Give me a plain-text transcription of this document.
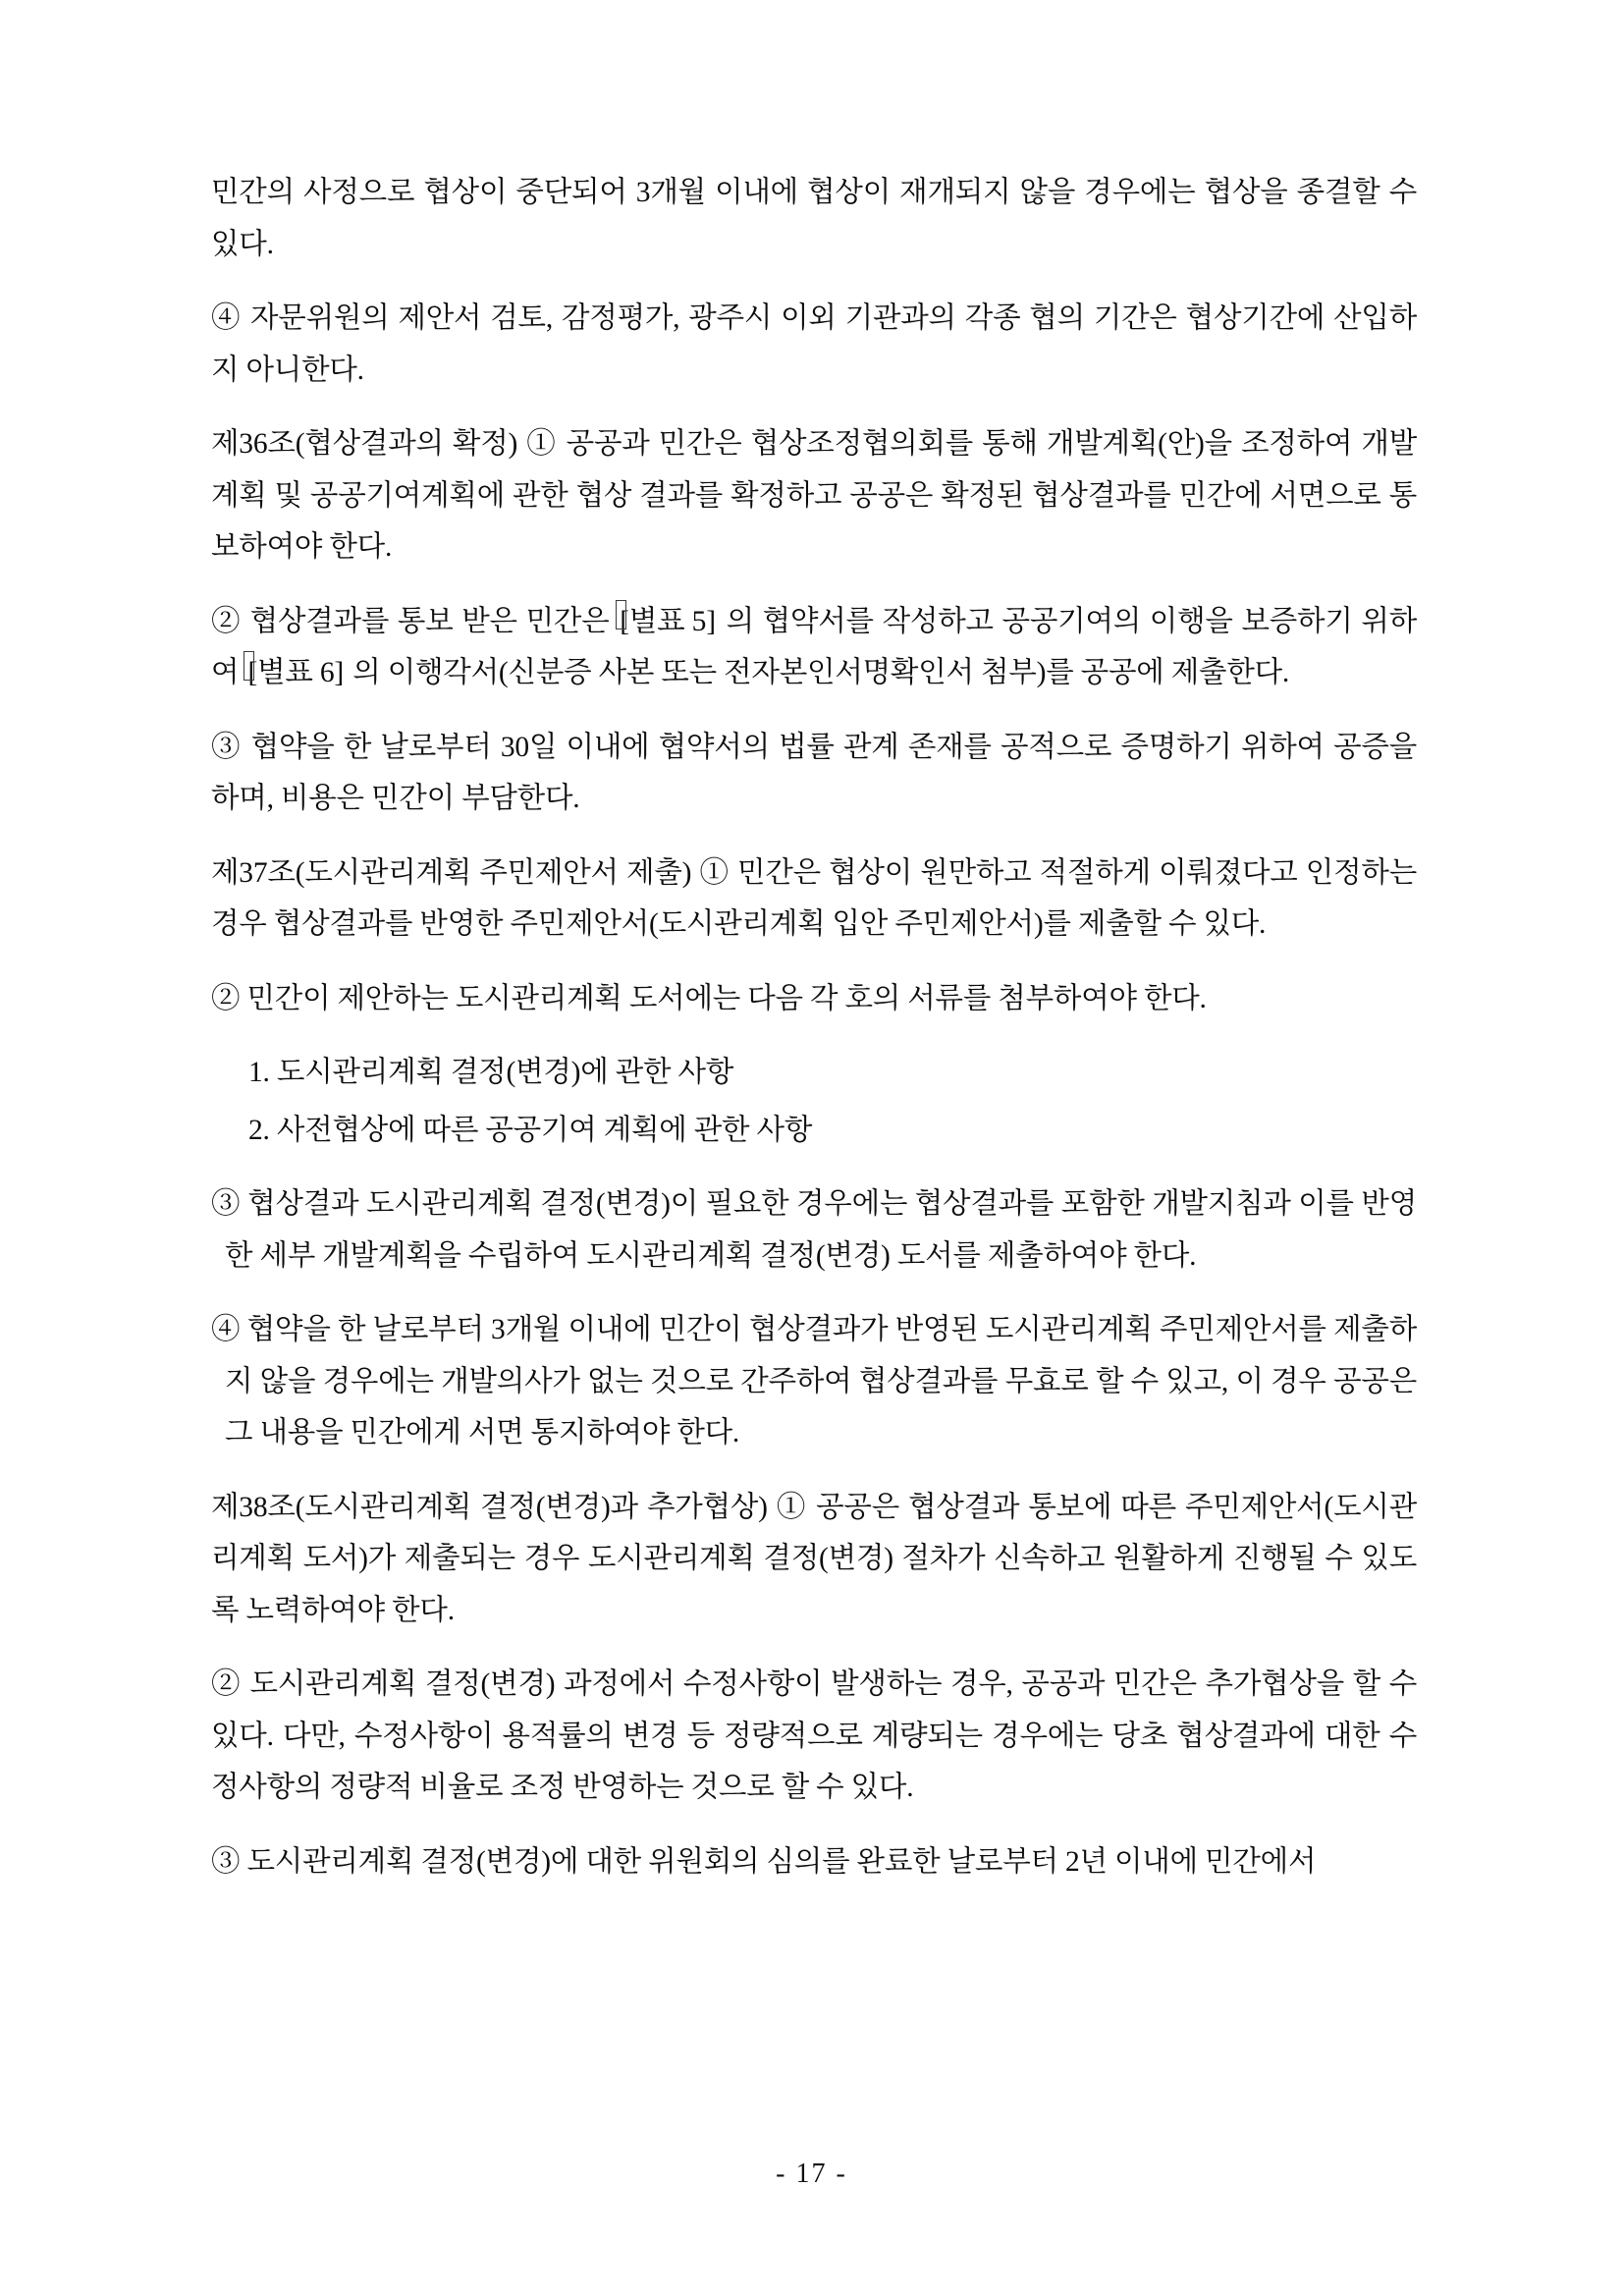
민간의 사정으로 협상이 중단되어 3개월 이내에 협상이 재개되지 않을 경우에는 협상을 종결할 수 있다.

④ 자문위원의 제안서 검토, 감정평가, 광주시 이외 기관과의 각종 협의 기간은 협상기간에 산입하지 아니한다.

제36조(협상결과의 확정) ① 공공과 민간은 협상조정협의회를 통해 개발계획(안)을 조정하여 개발계획 및 공공기여계획에 관한 협상 결과를 확정하고 공공은 확정된 협상결과를 민간에 서면으로 통보하여야 한다.

② 협상결과를 통보 받은 민간은 [별표 5] 의 협약서를 작성하고 공공기여의 이행을 보증하기 위하여 [별표 6] 의 이행각서(신분증 사본 또는 전자본인서명확인서 첨부)를 공공에 제출한다.

③ 협약을 한 날로부터 30일 이내에 협약서의 법률 관계 존재를 공적으로 증명하기 위하여 공증을 하며, 비용은 민간이 부담한다.

제37조(도시관리계획 주민제안서 제출) ① 민간은 협상이 원만하고 적절하게 이뤄졌다고 인정하는 경우 협상결과를 반영한 주민제안서(도시관리계획 입안 주민제안서)를 제출할 수 있다.

② 민간이 제안하는 도시관리계획 도서에는 다음 각 호의 서류를 첨부하여야 한다.

1. 도시관리계획 결정(변경)에 관한 사항
2. 사전협상에 따른 공공기여 계획에 관한 사항

③ 협상결과 도시관리계획 결정(변경)이 필요한 경우에는 협상결과를 포함한 개발지침과 이를 반영한 세부 개발계획을 수립하여 도시관리계획 결정(변경) 도서를 제출하여야 한다.

④ 협약을 한 날로부터 3개월 이내에 민간이 협상결과가 반영된 도시관리계획 주민제안서를 제출하지 않을 경우에는 개발의사가 없는 것으로 간주하여 협상결과를 무효로 할 수 있고, 이 경우 공공은 그 내용을 민간에게 서면 통지하여야 한다.

제38조(도시관리계획 결정(변경)과 추가협상) ① 공공은 협상결과 통보에 따른 주민제안서(도시관리계획 도서)가 제출되는 경우 도시관리계획 결정(변경) 절차가 신속하고 원활하게 진행될 수 있도록 노력하여야 한다.

② 도시관리계획 결정(변경) 과정에서 수정사항이 발생하는 경우, 공공과 민간은 추가협상을 할 수 있다. 다만, 수정사항이 용적률의 변경 등 정량적으로 계량되는 경우에는 당초 협상결과에 대한 수정사항의 정량적 비율로 조정 반영하는 것으로 할 수 있다.

③ 도시관리계획 결정(변경)에 대한 위원회의 심의를 완료한 날로부터 2년 이내에 민간에서

- 17 -
